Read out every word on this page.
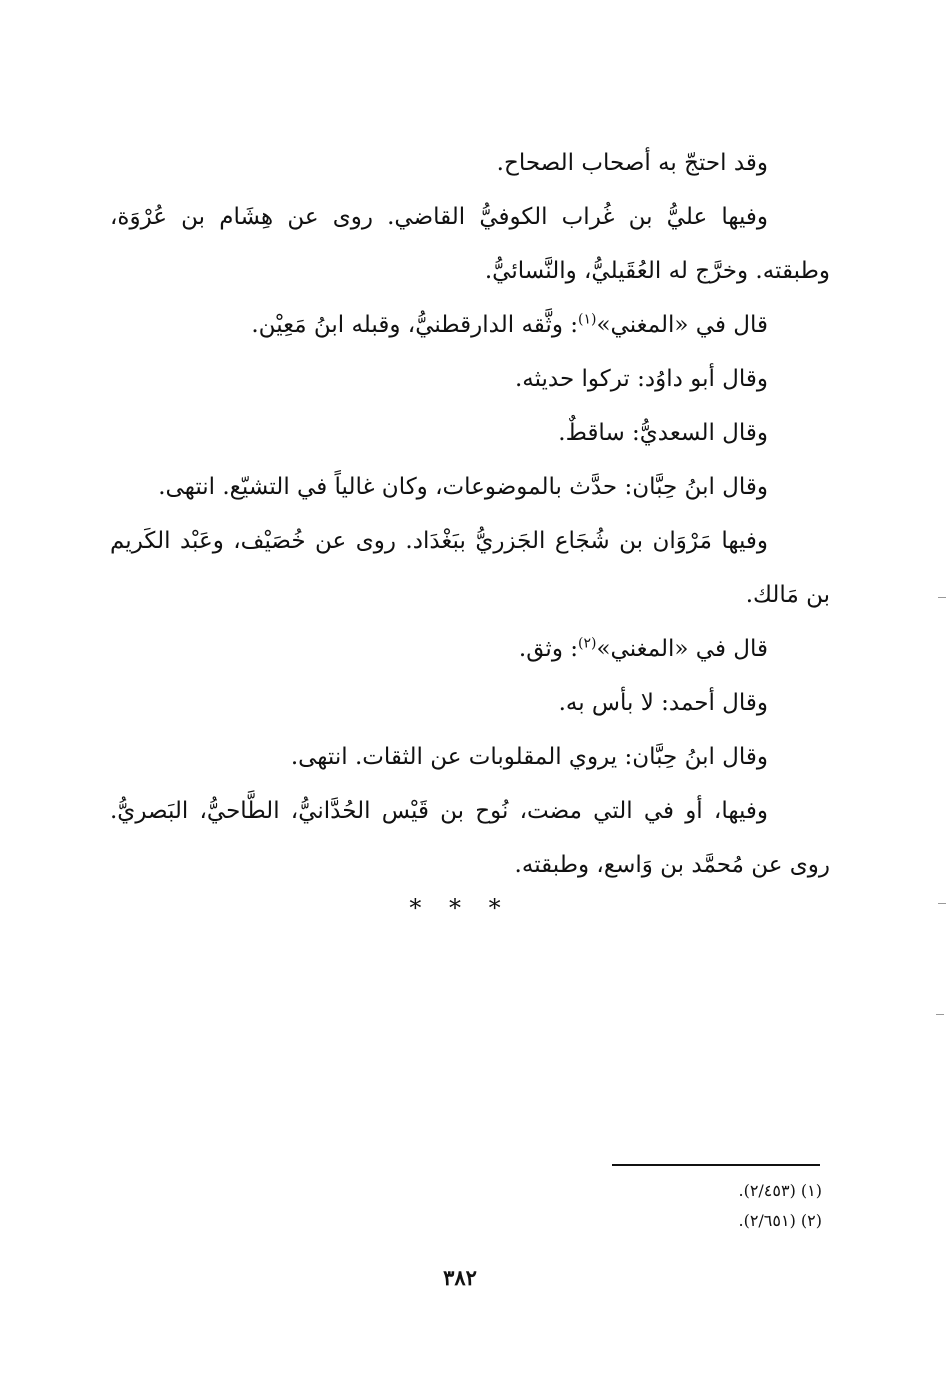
وقد احتجّ به أصحاب الصحاح.

وفيها عليُّ بن غُراب الكوفيُّ القاضي. روى عن هِشَام بن عُرْوَة، وطبقته. وخرَّج له العُقَيليُّ، والنَّسائيُّ.

قال في «المغني»$^{(١)}$: وثَّقه الدارقطنيُّ، وقبله ابنُ مَعِيْن.

وقال أبو داوُد: تركوا حديثه.

وقال السعديُّ: ساقطٌ.

وقال ابنُ حِبَّان: حدَّث بالموضوعات، وكان غالياً في التشيّع. انتهى.

وفيها مَرْوَان بن شُجَاع الجَزريُّ ببَغْدَاد. روى عن خُصَيْف، وعَبْد الكَريم بن مَالك.

قال في «المغني»$^{(٢)}$: وثق.

وقال أحمد: لا بأس به.

وقال ابنُ حِبَّان: يروي المقلوبات عن الثقات. انتهى.

وفيها، أو في التي مضت، نُوح بن قَيْس الحُدَّانيُّ، الطَّاحيُّ، البَصريُّ. روى عن مُحمَّد بن وَاسع، وطبقته.

* * *

(١) (٢/٤٥٣).

(٢) (٢/٦٥١).

٣٨٢
